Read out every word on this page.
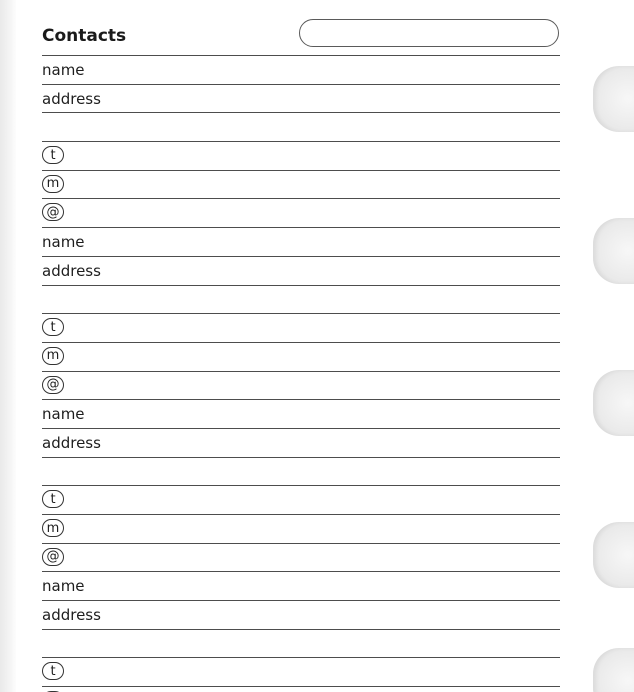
Contacts
name
address
t
m
@
name
address
t
m
@
name
address
t
m
@
name
address
t
